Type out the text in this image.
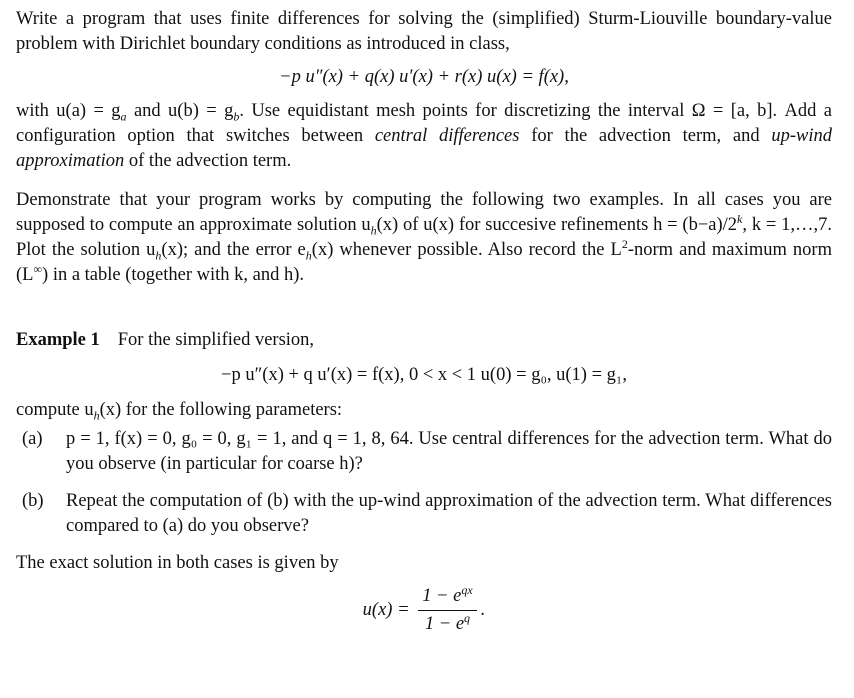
Write a program that uses finite differences for solving the (simplified) Sturm-Liouville boundary-value problem with Dirichlet boundary conditions as introduced in class,

−p u″(x) + q(x) u′(x) + r(x) u(x) = f(x),

with $u(a) = g_a$ and $u(b) = g_b$. Use equidistant mesh points for discretizing the interval Ω = [a, b]. Add a configuration option that switches between central differences for the advection term, and up-wind approximation of the advection term.

Demonstrate that your program works by computing the following two examples. In all cases you are supposed to compute an approximate solution $u_h(x)$ of u(x) for succesive refinements $h = (b-a)/2^k$, k = 1,…,7. Plot the solution $u_h(x)$; and the error $e_h(x)$ whenever possible. Also record the $L^2$-norm and maximum norm (L∞) in a table (together with k, and h).

Example 1 For the simplified version,

−p u″(x) + q u′(x) = f(x), 0 < x < 1 u(0) = g₀, u(1) = g₁,

compute $u_h(x)$ for the following parameters:

(a)	p = 1, f(x) = 0, g₀ = 0, g₁ = 1, and q = 1, 8, 64. Use central differences for the advection term. What do you observe (in particular for coarse h)?
(b)	Repeat the computation of (b) with the up-wind approximation of the advection term. What differences compared to (a) do you observe?

The exact solution in both cases is given by

$u(x) = \frac{1 - e^{qx}}{1 - e^q}$ .
